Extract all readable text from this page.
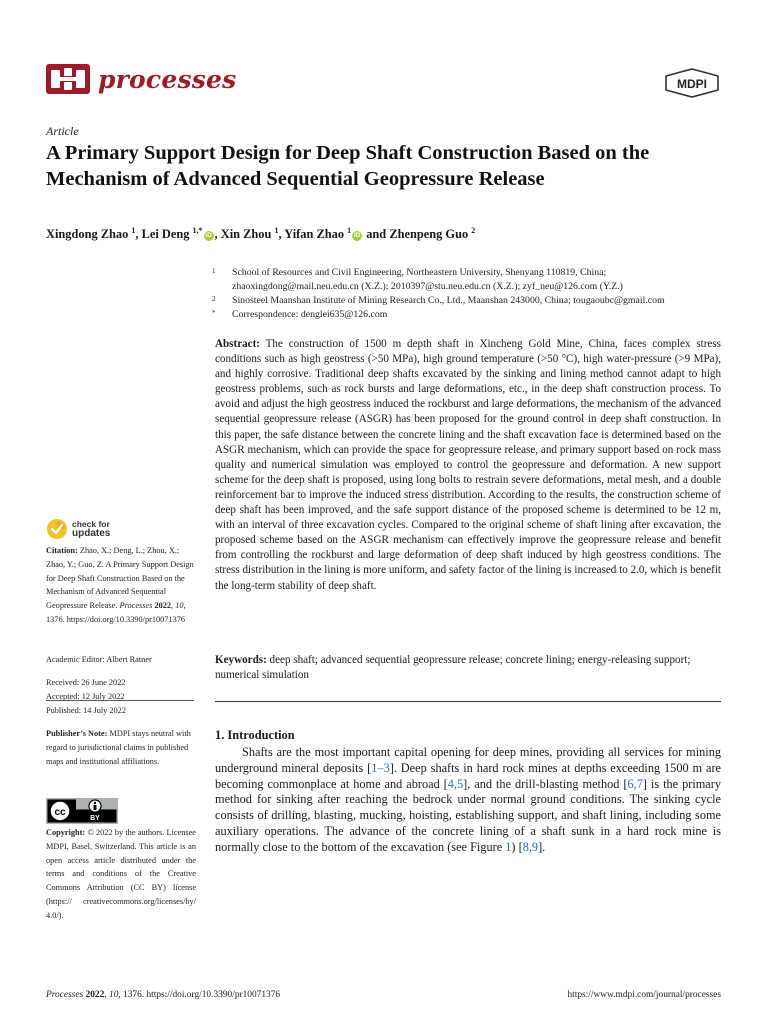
processes	MDPI
Article
A Primary Support Design for Deep Shaft Construction Based on the Mechanism of Advanced Sequential Geopressure Release
Xingdong Zhao $^1$, Lei Deng $^{1,*}$iD , Xin Zhou $^1$, Yifan Zhao $^1$iD and Zhenpeng Guo $^2$
1 School of Resources and Civil Engineering, Northeastern University, Shenyang 110819, China;
zhaoxingdong@mail.neu.edu.cn (X.Z.); 2010397@stu.neu.edu.cn (X.Z.); zyf_neu@126.com (Y.Z.)
2 Sinosteel Maanshan Institute of Mining Research Co., Ltd., Maanshan 243000, China; tougaoubc@gmail.com
* Correspondence: denglei635@126.com

Abstract: The construction of 1500 m depth shaft in Xincheng Gold Mine, China, faces complex stress conditions such as high geostress (>50 MPa), high ground temperature (>50 °C), high water-pressure (>9 MPa), and highly corrosive. Traditional deep shafts excavated by the sinking and lining method cannot adapt to high geostress problems, such as rock bursts and large deformations, etc., in the deep shaft construction process. To avoid and adjust the high geostress induced the rockburst and large deformations, the mechanism of the advanced sequential geopressure release (ASGR) has been proposed for the ground control in deep shaft construction. In this paper, the safe distance between the concrete lining and the shaft excavation face is determined based on the ASGR mechanism, which can provide the space for geopressure release, and primary support based on rock mass quality and numerical simulation was employed to control the geopressure and deformation. A new support scheme for the deep shaft is proposed, using long bolts to restrain severe deformations, metal mesh, and a double reinforcement bar to improve the induced stress distribution. According to the results, the construction scheme of deep shaft has been improved, and the safe support distance of the proposed scheme is determined to be 12 m, with an interval of three excavation cycles. Compared to the original scheme of shaft lining after excavation, the proposed scheme based on the ASGR mechanism can effectively improve the geopressure release and benefit from controlling the rockburst and large deformation of deep shaft induced by high geostress conditions. The stress distribution in the lining is more uniform, and safety factor of the lining is increased to 2.0, which is benefit the long-term stability of deep shaft.

Keywords: deep shaft; advanced sequential geopressure release; concrete lining; energy-releasing support; numerical simulation

1. Introduction

Shafts are the most important capital opening for deep mines, providing all services for mining underground mineral deposits [1–3]. Deep shafts in hard rock mines at depths exceeding 1500 m are becoming commonplace at home and abroad [4,5], and the drill-blasting method [6,7] is the primary method for sinking after reaching the bedrock under normal ground conditions. The sinking cycle consists of drilling, blasting, mucking, hoisting, establishing support, and shaft lining, including some auxiliary operations. The advance of the concrete lining of a shaft sunk in a hard rock mine is normally close to the bottom of the excavation (see Figure 1) [8,9].

check for
updates
Citation: Zhao, X.; Deng, L.; Zhou, X.; Zhao, Y.; Guo, Z. A Primary Support Design for Deep Shaft Construction Based on the Mechanism of Advanced Sequential Geopressure Release. Processes 2022, 10, 1376. https://doi.org/10.3390/pr10071376
Academic Editor: Albert Ratner
Received: 26 June 2022
Accepted: 12 July 2022
Published: 14 July 2022
Publisher’s Note: MDPI stays neutral with regard to jurisdictional claims in published maps and institutional affiliations.
cc
BY
Copyright: © 2022 by the authors. Licensee MDPI, Basel, Switzerland. This article is an open access article distributed under the terms and conditions of the Creative Commons Attribution (CC BY) license (https:// creativecommons.org/licenses/by/ 4.0/).
Processes 2022, 10, 1376. https://doi.org/10.3390/pr10071376	https://www.mdpi.com/journal/processes
